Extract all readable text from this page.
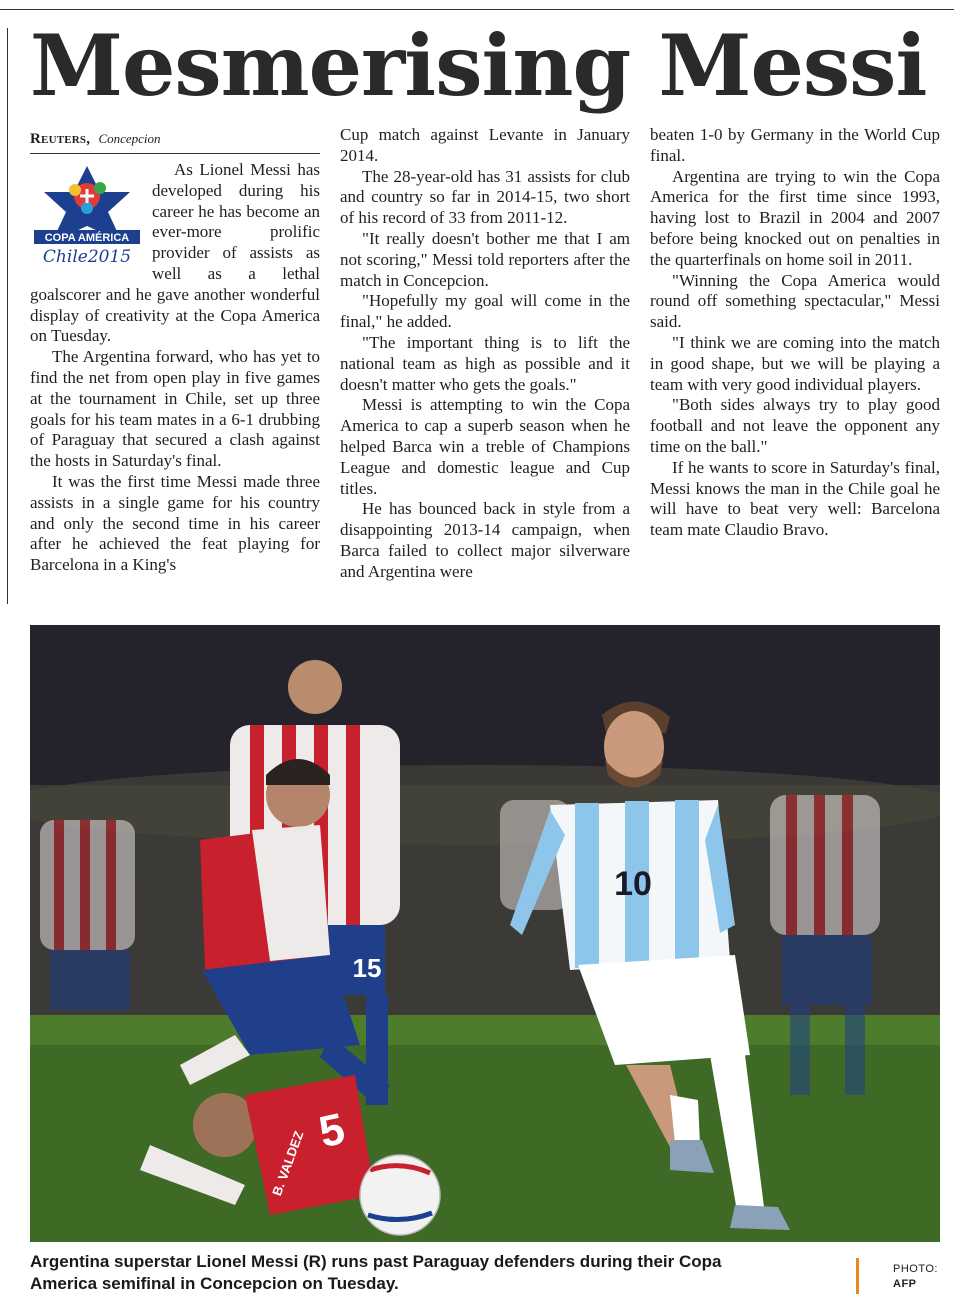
Mesmerising Messi
Reuters, Concepcion
COPA AMÉRICA
Chile2015

As Lionel Messi has developed during his career he has become an ever-more prolific provider of assists as well as a lethal goalscorer and he gave another wonderful display of creativity at the Copa America on Tuesday.

The Argentina forward, who has yet to find the net from open play in five games at the tournament in Chile, set up three goals for his team mates in a 6-1 drubbing of Paraguay that secured a clash against the hosts in Saturday's final.

It was the first time Messi made three assists in a single game for his country and only the second time in his career after he achieved the feat playing for Barcelona in a King's

Cup match against Levante in January 2014.

The 28-year-old has 31 assists for club and country so far in 2014-15, two short of his record of 33 from 2011-12.

"It really doesn't bother me that I am not scoring," Messi told reporters after the match in Concepcion.

"Hopefully my goal will come in the final," he added.

"The important thing is to lift the national team as high as possible and it doesn't matter who gets the goals."

Messi is attempting to win the Copa America to cap a superb season when he helped Barca win a treble of Champions League and domestic league and Cup titles.

He has bounced back in style from a disappointing 2013-14 campaign, when Barca failed to collect major silverware and Argentina were

beaten 1-0 by Germany in the World Cup final.

Argentina are trying to win the Copa America for the first time since 1993, having lost to Brazil in 2004 and 2007 before being knocked out on penalties in the quarterfinals on home soil in 2011.

"Winning the Copa America would round off something spectacular," Messi said.

"I think we are coming into the match in good shape, but we will be playing a team with very good individual players.

"Both sides always try to play good football and not leave the opponent any time on the ball."

If he wants to score in Saturday's final, Messi knows the man in the Chile goal he will have to beat very well: Barcelona team mate Claudio Bravo.

15
5
B. VALDEZ
10

Argentina superstar Lionel Messi (R) runs past Paraguay defenders during their Copa America semifinal in Concepcion on Tuesday.

PHOTO:
AFP
